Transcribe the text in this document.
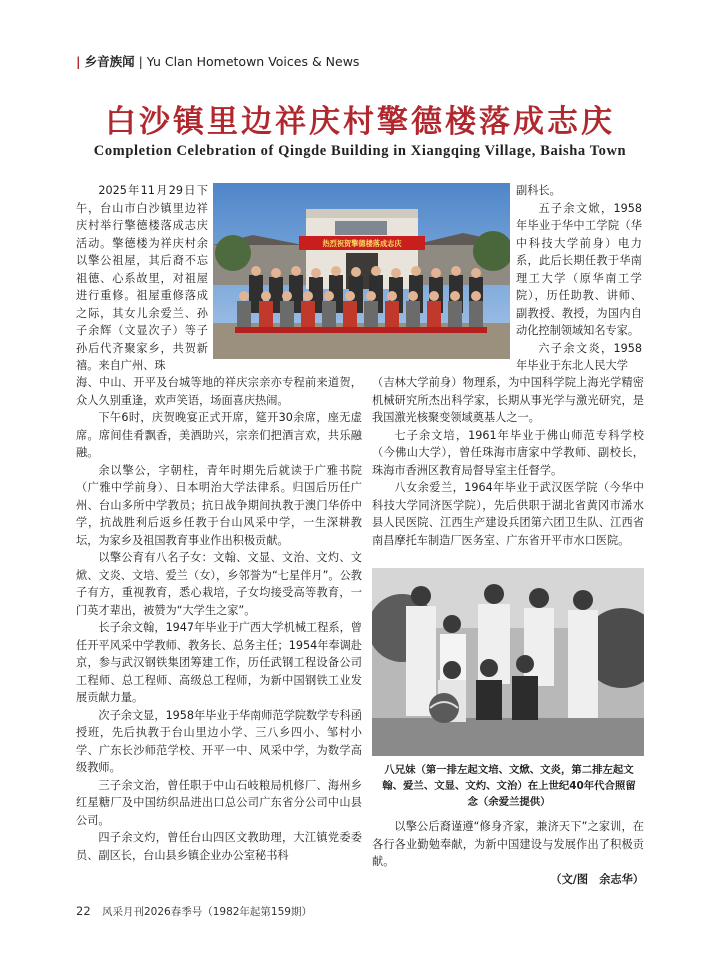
| 乡音族闻 | Yu Clan Hometown Voices & News
白沙镇里边祥庆村擎德楼落成志庆
Completion Celebration of Qingde Building in Xiangqing Village, Baisha Town

2025年11月29日下午，台山市白沙镇里边祥庆村举行擎德楼落成志庆活动。擎德楼为祥庆村余以擎公祖屋，其后裔不忘祖德、心系故里，对祖屋进行重修。祖屋重修落成之际，其女儿余爱兰、孙子余辉（文显次子）等子孙后代齐聚家乡，共贺新禧。来自广州、珠

热烈祝贺擎德楼落成志庆

海、中山、开平及台城等地的祥庆宗亲亦专程前来道贺，众人久别重逢，欢声笑语，场面喜庆热闹。

下午6时，庆贺晚宴正式开席，筵开30余席，座无虚席。席间佳肴飘香，美酒助兴，宗亲们把酒言欢，共乐融融。

余以擎公，字朝柱，青年时期先后就读于广雅书院（广雅中学前身）、日本明治大学法律系。归国后历任广州、台山多所中学教员；抗日战争期间执教于澳门华侨中学，抗战胜利后返乡任教于台山风采中学，一生深耕教坛，为家乡及祖国教育事业作出积极贡献。

以擎公育有八名子女：文翰、文显、文治、文灼、文焮、文炎、文培、爱兰（女），乡邻誉为“七星伴月”。公教子有方，重视教育，悉心栽培，子女均接受高等教育，一门英才辈出，被赞为“大学生之家”。

长子余文翰，1947年毕业于广西大学机械工程系，曾任开平风采中学教师、教务长、总务主任；1954年奉调赴京，参与武汉钢铁集团筹建工作，历任武钢工程设备公司工程师、总工程师、高级总工程师，为新中国钢铁工业发展贡献力量。

次子余文显，1958年毕业于华南师范学院数学专科函授班，先后执教于台山里边小学、三八乡四小、邹村小学、广东长沙师范学校、开平一中、风采中学，为数学高级教师。

三子余文治，曾任职于中山石岐粮局机修厂、海州乡红星糖厂及中国纺织品进出口总公司广东省分公司中山县公司。

四子余文灼，曾任台山四区文教助理，大江镇党委委员、副区长，台山县乡镇企业办公室秘书科

副科长。

五子余文焮，1958年毕业于华中工学院（华中科技大学前身）电力系，此后长期任教于华南理工大学（原华南工学院），历任助教、讲师、副教授、教授，为国内自动化控制领域知名专家。

六子余文炎，1958年毕业于东北人民大学

（吉林大学前身）物理系，为中国科学院上海光学精密机械研究所杰出科学家，长期从事光学与激光研究，是我国激光核聚变领域奠基人之一。

七子余文培，1961年毕业于佛山师范专科学校（今佛山大学），曾任珠海市唐家中学教师、副校长，珠海市香洲区教育局督导室主任督学。

八女余爱兰，1964年毕业于武汉医学院（今华中科技大学同济医学院），先后供职于湖北省黄冈市浠水县人民医院、江西生产建设兵团第六团卫生队、江西省南昌摩托车制造厂医务室、广东省开平市水口医院。

八兄妹（第一排左起文培、文焮、文炎，第二排左起文翰、爱兰、文显、文灼、文治）在上世纪40年代合照留念（余爱兰提供）

以擎公后裔谨遵“修身齐家，兼济天下”之家训，在各行各业勤勉奉献，为新中国建设与发展作出了积极贡献。

（文/图　余志华）
22 风采月刊2026春季号（1982年起第159期）
